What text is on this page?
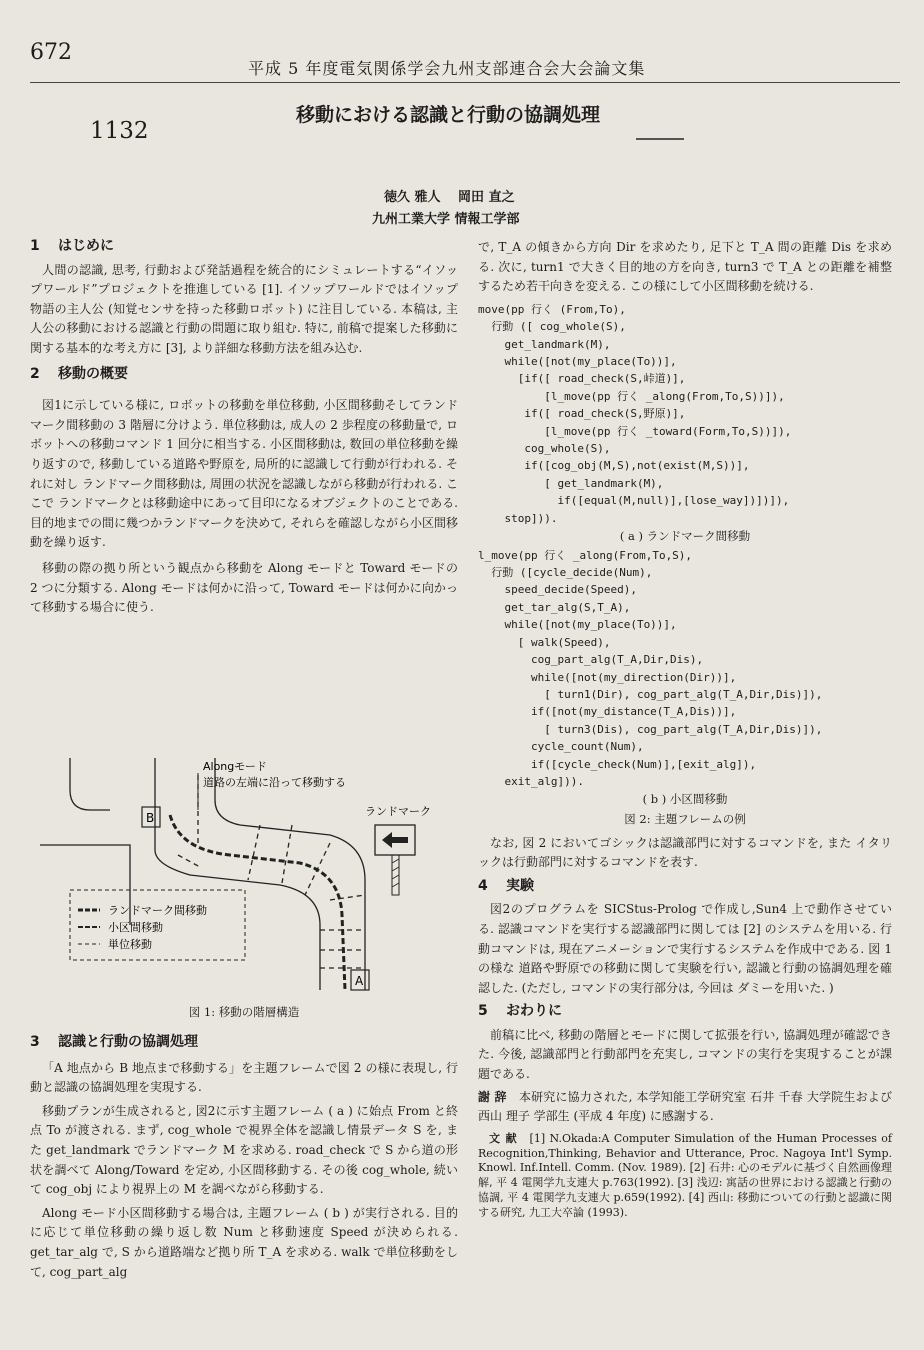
672
平成 5 年度電気関係学会九州支部連合会大会論文集
移動における認識と行動の協調処理
1132
徳久 雅人　 岡田 直之
九州工業大学 情報工学部
1 はじめに

人間の認識, 思考, 行動および発話過程を統合的にシミュレートする“イソップワールド”プロジェクトを推進している [1]. イソップワールドではイソップ物語の主人公 (知覚センサを持った移動ロボット) に注目している. 本稿は, 主人公の移動における認識と行動の問題に取り組む. 特に, 前稿で提案した移動に関する基本的な考え方に [3], より詳細な移動方法を組み込む.

2 移動の概要

図1に示している様に, ロボットの移動を単位移動, 小区間移動そしてランドマーク間移動の 3 階層に分けよう. 単位移動は, 成人の 2 歩程度の移動量で, ロボットへの移動コマンド 1 回分に相当する. 小区間移動は, 数回の単位移動を繰り返すので, 移動している道路や野原を, 局所的に認識して行動が行われる. それに対し ランドマーク間移動は, 周囲の状況を認識しながら移動が行われる. ここで ランドマークとは移動途中にあって目印になるオブジェクトのことである. 目的地までの間に幾つかランドマークを決めて, それらを確認しながら小区間移動を繰り返す.

移動の際の拠り所という観点から移動を Along モードと Toward モードの 2 つに分類する. Along モードは何かに沿って, Toward モードは何かに向かって移動する場合に使う.

Alongモード
道路の左端に沿って移動する
B	ランドマーク
A
ランドマーク間移動
小区間移動
単位移動
図 1: 移動の階層構造
3 認識と行動の協調処理

「A 地点から B 地点まで移動する」を主題フレームで図 2 の様に表現し, 行動と認識の協調処理を実現する.

移動プランが生成されると, 図2に示す主題フレーム ( a ) に始点 From と終点 To が渡される. まず, cog_whole で視界全体を認識し情景データ S を, また get_landmark でランドマーク M を求める. road_check で S から道の形状を調べて Along/Toward を定め, 小区間移動する. その後 cog_whole, 続いて cog_obj により視界上の M を調べながら移動する.

Along モード小区間移動する場合は, 主題フレーム ( b ) が実行される. 目的に応じて単位移動の繰り返し数 Num と移動速度 Speed が決められる. get_tar_alg で, S から道路端など拠り所 T_A を求める. walk で単位移動をして, cog_part_alg

で, T_A の傾きから方向 Dir を求めたり, 足下と T_A 間の距離 Dis を求める. 次に, turn1 で大きく目的地の方を向き, turn3 で T_A との距離を補整するため若干向きを変える. この様にして小区間移動を続ける.

move(pp 行く (From,To),
行動 ([ cog_whole(S),
get_landmark(M),
while([not(my_place(To))],
[if([ road_check(S,峠道)],
[l_move(pp 行く _along(From,To,S))]),
if([ road_check(S,野原)],
[l_move(pp 行く _toward(Form,To,S))]),
cog_whole(S),
if([cog_obj(M,S),not(exist(M,S))],
[ get_landmark(M),
if([equal(M,null)],[lose_way])])]),
stop])).
( a ) ランドマーク間移動
l_move(pp 行く _along(From,To,S),
行動 ([cycle_decide(Num),
speed_decide(Speed),
get_tar_alg(S,T_A),
while([not(my_place(To))],
[ walk(Speed),
cog_part_alg(T_A,Dir,Dis),
while([not(my_direction(Dir))],
[ turn1(Dir), cog_part_alg(T_A,Dir,Dis)]),
if([not(my_distance(T_A,Dis))],
[ turn3(Dis), cog_part_alg(T_A,Dir,Dis)]),
cycle_count(Num),
if([cycle_check(Num)],[exit_alg]),
exit_alg])).
( b ) 小区間移動
図 2: 主題フレームの例

なお, 図 2 においてゴシックは認識部門に対するコマンドを, また イタリックは行動部門に対するコマンドを表す.

4 実験

図2のプログラムを SICStus-Prolog で作成し,Sun4 上で動作させている. 認識コマンドを実行する認識部門に関しては [2] のシステムを用いる. 行動コマンドは, 現在アニメーションで実行するシステムを作成中である. 図 1 の様な 道路や野原での移動に関して実験を行い, 認識と行動の協調処理を確認した. (ただし, コマンドの実行部分は, 今回は ダミーを用いた. )

5 おわりに

前稿に比べ, 移動の階層とモードに関して拡張を行い, 協調処理が確認できた. 今後, 認識部門と行動部門を充実し, コマンドの実行を実現することが課題である.

謝 辞　 本研究に協力された, 本学知能工学研究室 石井 千春 大学院生および西山 理子 学部生 (平成 4 年度) に感謝する.

文 献　 [1] N.Okada:A Computer Simulation of the Human Processes of Recognition,Thinking, Behavior and Utterance, Proc. Nagoya Int'l Symp. Knowl. Inf.Intell. Comm. (Nov. 1989). [2] 石井: 心のモデルに基づく自然画像理解, 平 4 電関学九支連大 p.763(1992). [3] 浅辺: 寓話の世界における認識と行動の協調, 平 4 電関学九支連大 p.659(1992). [4] 西山: 移動についての行動と認識に関する研究, 九工大卒論 (1993).
